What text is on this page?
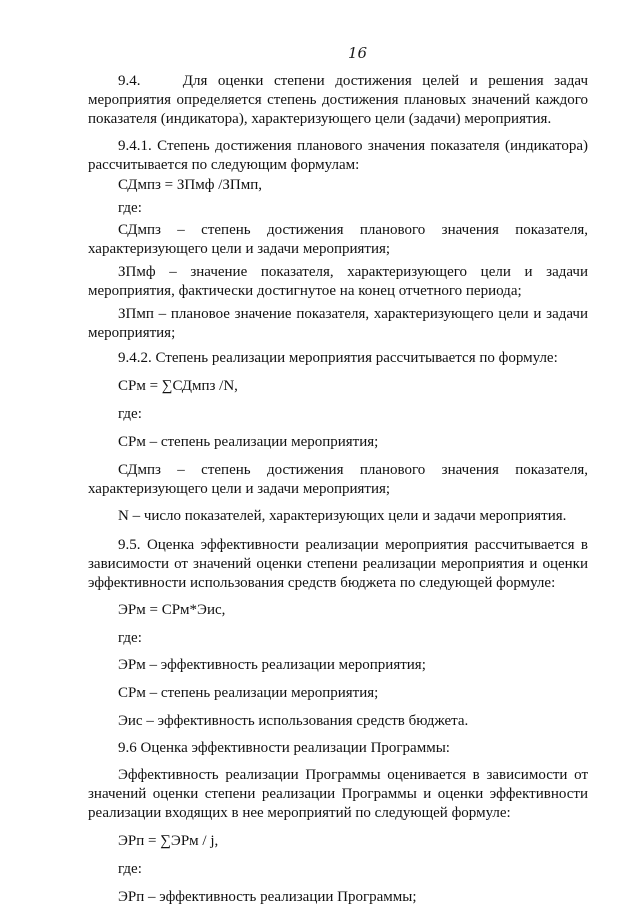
16

9.4.    Для оценки степени достижения целей и решения задач мероприятия определяется степень достижения плановых значений каждого показателя (индикатора), характеризующего цели (задачи) мероприятия.

9.4.1. Степень достижения планового значения показателя (индикатора) рассчитывается по следующим формулам:

СДмпз = ЗПмф /ЗПмп,

где:

СДмпз – степень достижения планового значения показателя, характеризующего цели и задачи мероприятия;

ЗПмф – значение показателя, характеризующего цели и задачи мероприятия, фактически достигнутое на конец отчетного периода;

ЗПмп – плановое значение показателя, характеризующего цели и задачи мероприятия;

9.4.2. Степень реализации мероприятия рассчитывается по формуле:

СРм = ∑СДмпз /N,

где:

СРм – степень реализации мероприятия;

СДмпз – степень достижения планового значения показателя, характеризующего цели и задачи мероприятия;

N – число показателей, характеризующих цели и задачи мероприятия.

9.5. Оценка эффективности реализации мероприятия рассчитывается в зависимости от значений оценки степени реализации мероприятия и оценки эффективности использования средств бюджета по следующей формуле:

ЭРм = СРм*Эис,

где:

ЭРм – эффективность реализации мероприятия;

СРм – степень реализации мероприятия;

Эис – эффективность использования средств бюджета.

9.6 Оценка эффективности реализации Программы:

Эффективность реализации Программы оценивается в зависимости от значений оценки степени реализации Программы и оценки эффективности реализации входящих в нее мероприятий по следующей формуле:

ЭРп = ∑ЭРм / j,

где:

ЭРп – эффективность реализации Программы;
